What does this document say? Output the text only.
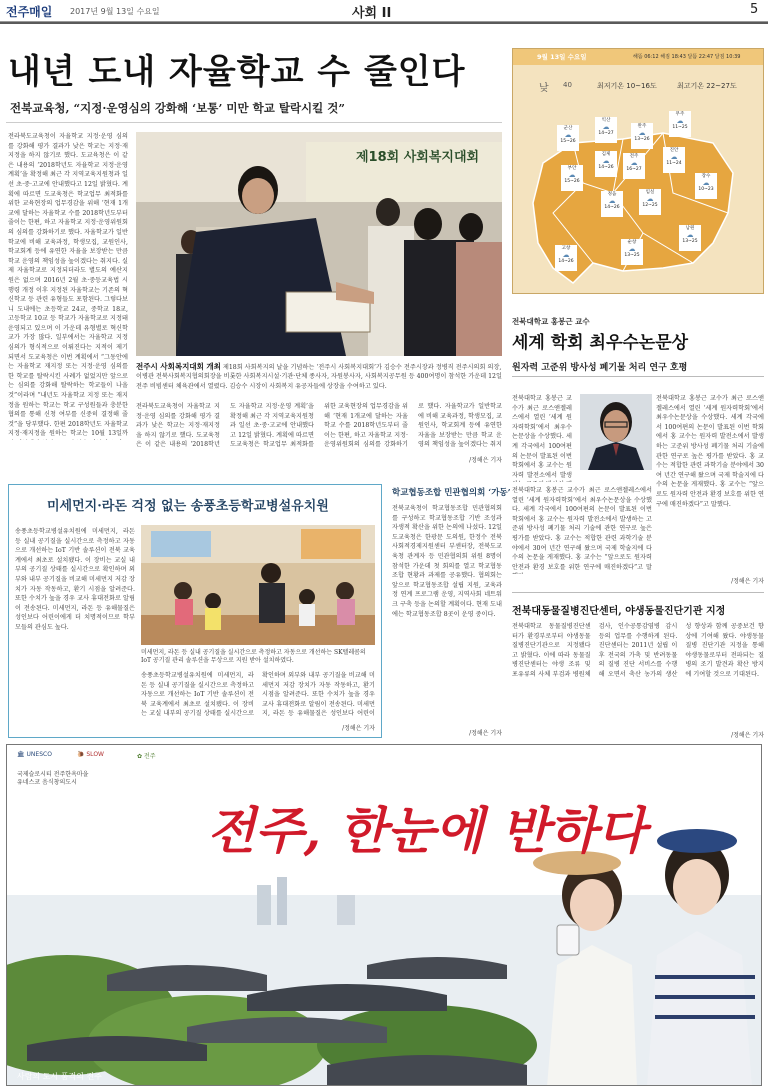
전주매일 2017년 9월 13일 수요일	사회 II	5
내년 도내 자율학교 수 줄인다
전북교육청, “지정·운영심의 강화해 ‘보통’ 미만 학교 탈락시킬 것”
전라북도교육청이 자율학교 지정·운영 심의를 강화해 평가 결과가 낮은 학교는 지정·재지정을 하지 않기로 했다. 도교육청은 이 같은 내용의 ‘2018학년도 자율학교 지정·운영 계획’을 확정해 최근 각 지역교육지원청과 일선 초·중·고교에 안내했다고 12일 밝혔다. 계획에 따르면 도교육청은 학교업무 최적화를 위한 교육현장의 업무경감을 위해 ‘현재 1개교에 달하는 자율학교 수를 2018학년도부터 줄이는 한편, 하고 자율학교 지정·운영위원회의 심의를 강화하기로 했다. 자율학교가 일반학교에 비해 교육과정, 학생모집, 교원인사, 학교회계 등에 유연한 자율을 보장받는 만큼 학교 운영의 책임성을 높이겠다는 취지다. 실제 자율학교로 지정되더라도 별도의 예산지원은 없으며 2016년 2월 초·중등교육법 시행령 개정 이후 지정된 자율학교는 기존의 혁신학교 등 관련 유형들도 포함된다. 그렇다보니 도내에는 초등학교 24교, 중학교 18교, 고등학교 10교 등 학교가 자율학교로 지정돼 운영되고 있으며 이 가운데 유형별로 혁신학교가 가장 많다. 일부에서는 자율학교 지정 심의가 형식적으로 이뤄진다는 지적이 제기되면서 도교육청은 이번 계획에서 “그동안에는 자율학교 재지정 또는 지정·운영 심의를 한 학교를 탈락시킨 사례가 없었지만 앞으로는 심의를 강화해 탈락하는 학교들이 나올 것”이라며 “내년도 자율학교 지정 또는 재지정을 원하는 학교는 학교 구성원들과 충분한 협의를 통해 신청 여부를 신중히 결정해 줄 것”을 당부했다. 한편 2018학년도 자율학교 지정·재지정을 원하는 학교는 10월 13일까
제18회 사회복지대회
전주시 사회복지대회 개최 제18회 사회복지의 날을 기념하는 ‘전주시 사회복지대회’가 김승수 전주시장과 정병직 전주시의회 의장, 이병관 전북사회복지협의회장을 비롯한 사회복지시설·기관·단체 종사자, 자원봉사자, 사회복지공무원 등 400여명이 참석한 가운데 12일 전주 비빔센터 체육관에서 열렸다. 김승수 시장이 사회복지 유공자들에 상장을 수여하고 있다.
전라북도교육청이 자율학교 지정·운영 심의를 강화해 평가 결과가 낮은 학교는 지정·재지정을 하지 않기로 했다. 도교육청은 이 같은 내용의 ‘2018학년도 자율학교 지정·운영 계획’을 확정해 최근 각 지역교육지원청과 일선 초·중·고교에 안내했다고 12일 밝혔다. 계획에 따르면 도교육청은 학교업무 최적화를 위한 교육현장의 업무경감을 위해 ‘현재 1개교에 달하는 자율학교 수를 2018학년도부터 줄이는 한편, 하고 자율학교 지정·운영위원회의 심의를 강화하기로 했다. 자율학교가 일반학교에 비해 교육과정, 학생모집, 교원인사, 학교회계 등에 유연한 자율을 보장받는 만큼 학교 운영의 책임성을 높이겠다는 취지
/정해은 기자
미세먼지·라돈 걱정 없는 송풍초등학교병설유치원
송풍초등학교병설유치원에 미세먼지, 라돈 등 실내 공기질을 실시간으로 측정하고 자동으로 개선하는 IoT 기반 솔루션이 전북 교육계에서 최초로 설치됐다. 이 장비는 교실 내부의 공기질 상태를 실시간으로 확인하며 외부와 내부 공기질을 비교해 미세먼지 저감 장치가 자동 작동하고, 환기 시점을 알려준다. 또한 수치가 높을 경우 교사 휴대전화로 알림이 전송된다. 미세먼지, 라돈 등 유해물질은 성인보다 어린이에게 더 치명적이므로 학부모들의 관심도 높다.
미세먼지, 라돈 등 실내 공기질을 실시간으로 측정하고 자동으로 개선하는 SK텔레콤의 IoT 공기질 관리 솔루션을 무상으로 지원 받아 설치하였다.
송풍초등학교병설유치원에 미세먼지, 라돈 등 실내 공기질을 실시간으로 측정하고 자동으로 개선하는 IoT 기반 솔루션이 전북 교육계에서 최초로 설치됐다. 이 장비는 교실 내부의 공기질 상태를 실시간으로 확인하며 외부와 내부 공기질을 비교해 미세먼지 저감 장치가 자동 작동하고, 환기 시점을 알려준다. 또한 수치가 높을 경우 교사 휴대전화로 알림이 전송된다. 미세먼지, 라돈 등 유해물질은 성인보다 어린이
/정해은 기자
학교협동조합 민관협의회 ‘가동’
전북교육청이 학교협동조합 민관협의회를 구성하고 학교협동조합 기반 조성과 자생적 확산을 위한 논의에 나섰다. 12일 도교육청은 한광문 도의원, 한정수 전북사회적경제지원센터 부센터장, 전북도교육청 관계자 등 민관협의회 위원 8명이 참석한 가운데 첫 회의를 열고 학교협동조합 현황과 과제를 공유했다. 협의회는 앞으로 학교협동조합 설립 지원, 교육과정 연계 프로그램 운영, 지역사회 네트워크 구축 등을 논의할 계획이다. 현재 도내에는 학교협동조합 8곳이 운영 중이다.
/정해은 기자
9월 13일 수요일	해뜸 06:12 해짐 18:43 달뜸 22:47 달짐 10:39
낮 40	최저기온 10~16도	최고기온 22~27도
군산
☁
15~26
익산
☁
14~27
완주
☁
13~26
전주
☁
16~27
무주
☁
11~25
진안
☁
11~24
김제
☁
14~26
정읍
☁
14~26
장수
☁
10~23
부안
☁
15~26
임실
☁
12~25
고창
☁
14~26
순창
☁
13~25
남원
☁
13~25
전북대학교 홍봉근 교수
세계 학회 최우수논문상
원자력 고준위 방사성 폐기물 처리 연구 호평
전북대학교 홍봉근 교수가 최근 로스앤젤레스에서 열린 ‘세계 원자력학회’에서 최우수논문상을 수상했다. 세계 각국에서 100여편의 논문이 발표된 이번 학회에서 홍 교수는 원자력 발전소에서 발생
전북대학교 홍봉근 교수가 최근 로스앤젤레스에서 열린 ‘세계 원자력학회’에서 최우수논문상을 수상했다. 세계 각국에서 100여편의 논문이 발표된 이번 학회에서 홍 교수는 원자력 발전소에서 발생하는 고준위 방사성 폐기물 처리 기술에 관한 연구로 높은 평가를 받았다. 홍 교수는 적합한 관련 과학기술 분야에서 30여 년간 연구해 왔으며 국제 학술지에 다수의 논문을 게재했다. 홍 교수는 “앞으로도 원자력 안전과 환경 보호를 위한 연구에 매진하겠다”고 말했다.
전북대학교 홍봉근 교수가 최근 로스앤젤레스에서 열린 ‘세계 원자력학회’에서 최우수논문상을 수상했다. 세계 각국에서 100여편의 논문이 발표된 이번 학회에서 홍 교수는 원자력 발전소에서 발생하는 고준위 방사성 폐기물 처리 기술에 관한 연구로 높은 평가를 받았다. 홍 교수는 적합한 관련 과학기술 분야에서 30여 년간 연구해 왔으며 국제 학술지에 다수의 논문을 게재했다. 홍 교수는 “앞으로도 원자력 안전과 환경 보호를 위한 연구에 매진하겠다”고 말
/정해은 기자
전북대동물질병진단센터, 야생동물진단기관 지정
전북대학교 동물질병진단센터가 환경부로부터 야생동물 질병진단기관으로 지정됐다고 밝혔다. 이에 따라 동물질병진단센터는 야생 조류 및 포유류의 사체 부검과 병원체 검사, 인수공통감염병 감시 등의 업무를 수행하게 된다. 진단센터는 2011년 설립 이후 전국의 가축 및 반려동물의 질병 진단 서비스를 수행해 오면서 축산 농가의 생산성 향상과 함께 공중보건 향상에 기여해 왔다. 야생동물질병 진단기관 지정을 통해 야생동물로부터 전파되는 질병의 조기 발견과 확산 방지에 기여할 것으로 기대된다.
/정해은 기자
🏛 UNESCO	🐌 SLOW	✿ 전주
국제슬로시티 전주한옥마을
유네스코 음식창의도시
전주, 한눈에 반하다
사람의 도시 품격의 전주
